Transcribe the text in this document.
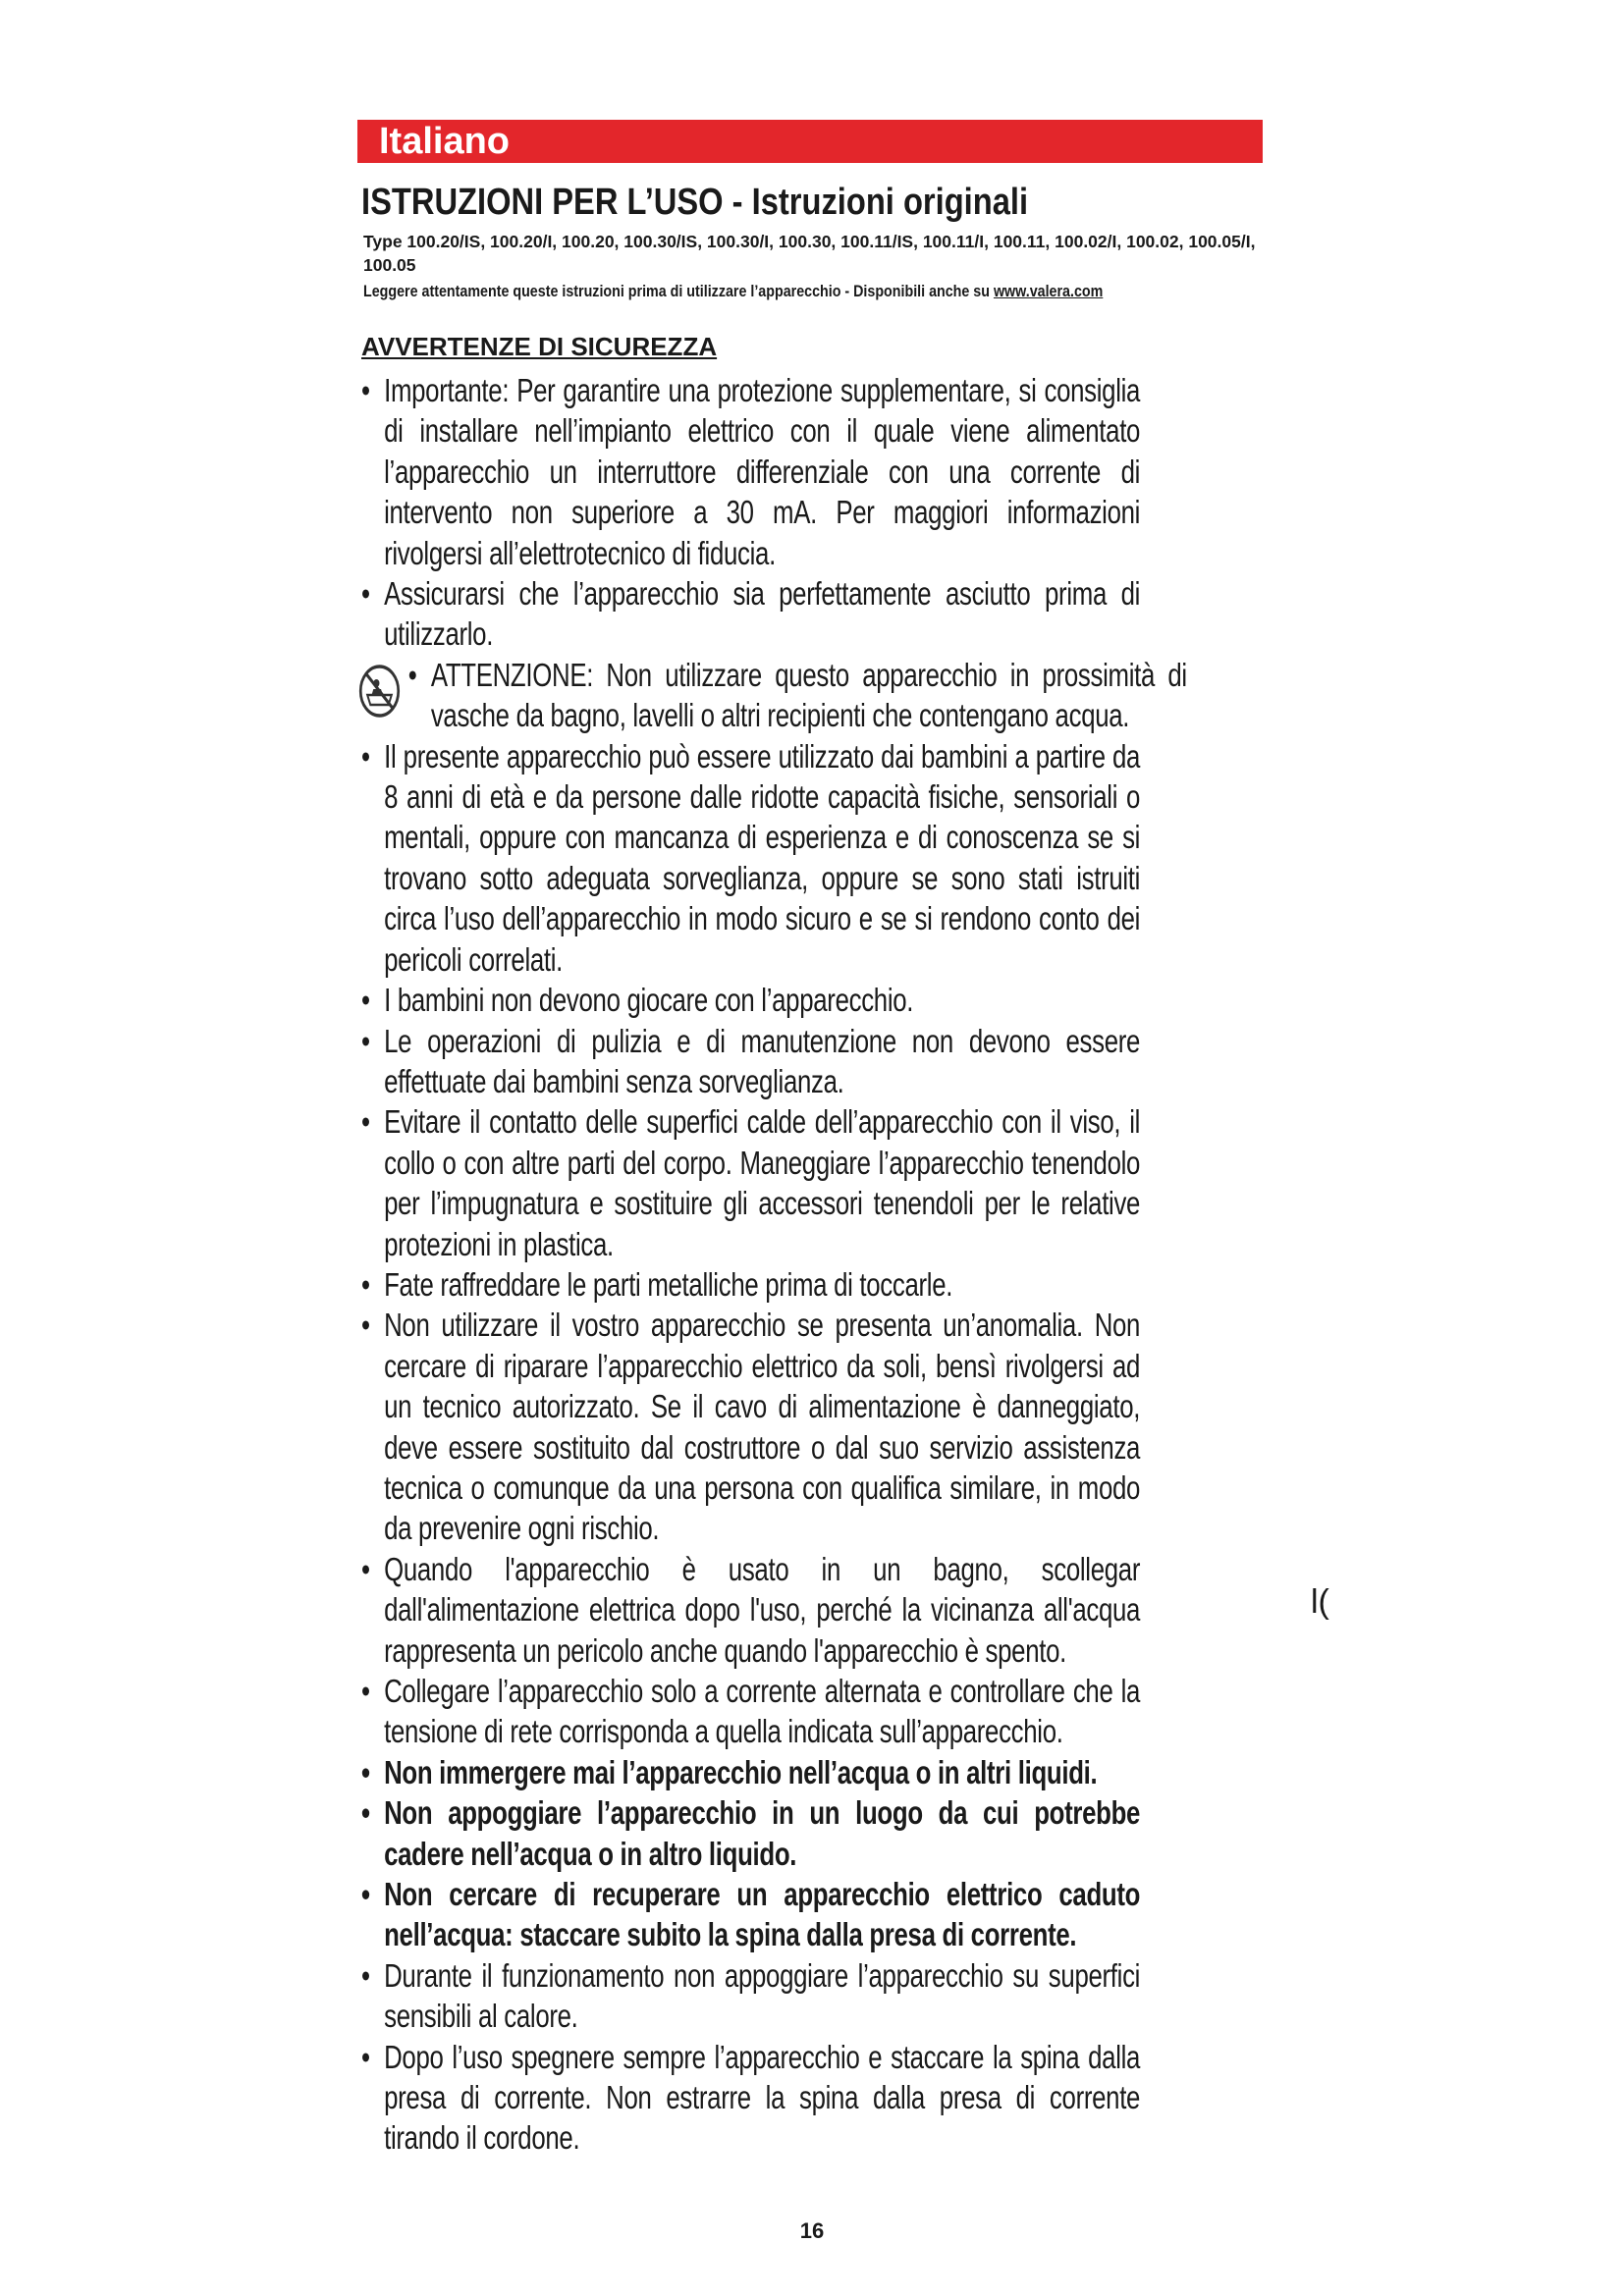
Italiano
ISTRUZIONI PER L’USO - Istruzioni originali
Type 100.20/IS, 100.20/I, 100.20, 100.30/IS, 100.30/I, 100.30, 100.11/IS, 100.11/I, 100.11, 100.02/I, 100.02, 100.05/I, 100.05
Leggere attentamente queste istruzioni prima di utilizzare l’apparecchio - Disponibili anche su www.valera.com
AVVERTENZE DI SICUREZZA
• Importante: Per garantire una protezione supplementare, si consiglia di installare nell’impianto elettrico con il quale viene alimentato l’apparecchio un interruttore differenziale con una corrente di intervento non superiore a 30 mA. Per maggiori informazioni rivolgersi all’elettrotecnico di fiducia.
• Assicurarsi che l’apparecchio sia perfettamente asciutto prima di utilizzarlo.
• ATTENZIONE: Non utilizzare questo apparecchio in prossimità di vasche da bagno, lavelli o altri recipienti che contengano acqua.
• Il presente apparecchio può essere utilizzato dai bambini a partire da 8 anni di età e da persone dalle ridotte capacità fisiche, sensoriali o mentali, oppure con mancanza di esperienza e di conoscenza se si trovano sotto adeguata sorveglianza, oppure se sono stati istruiti circa l’uso dell’apparecchio in modo sicuro e se si rendono conto dei pericoli correlati.
• I bambini non devono giocare con l’apparecchio.
• Le operazioni di pulizia e di manutenzione non devono essere effettuate dai bambini senza sorveglianza.
• Evitare il contatto delle superfici calde dell’apparecchio con il viso, il collo o con altre parti del corpo. Maneggiare l’apparecchio tenendolo per l’impugnatura e sostituire gli accessori tenendoli per le relative protezioni in plastica.
• Fate raffreddare le parti metalliche prima di toccarle.
• Non utilizzare il vostro apparecchio se presenta un’anomalia. Non cercare di riparare l’apparecchio elettrico da soli, bensì rivolgersi ad un tecnico autorizzato. Se il cavo di alimentazione è danneggiato, deve essere sostituito dal costruttore o dal suo servizio assistenza tecnica o comunque da una persona con qualifica similare, in modo da prevenire ogni rischio.
• Quando l'apparecchio è usato in un bagno, scollegar dall'alimentazione elettrica dopo l'uso, perché la vicinanza all'acqua rappresenta un pericolo anche quando l'apparecchio è spento.
• Collegare l’apparecchio solo a corrente alternata e controllare che la tensione di rete corrisponda a quella indicata sull’apparecchio.
• Non immergere mai l’apparecchio nell’acqua o in altri liquidi.
• Non appoggiare l’apparecchio in un luogo da cui potrebbe cadere nell’acqua o in altro liquido.
• Non cercare di recuperare un apparecchio elettrico caduto nell’acqua: staccare subito la spina dalla presa di corrente.
• Durante il funzionamento non appoggiare l’apparecchio su superfici sensibili al calore.
• Dopo l’uso spegnere sempre l’apparecchio e staccare la spina dalla presa di corrente. Non estrarre la spina dalla presa di corrente tirando il cordone.
l(
16
